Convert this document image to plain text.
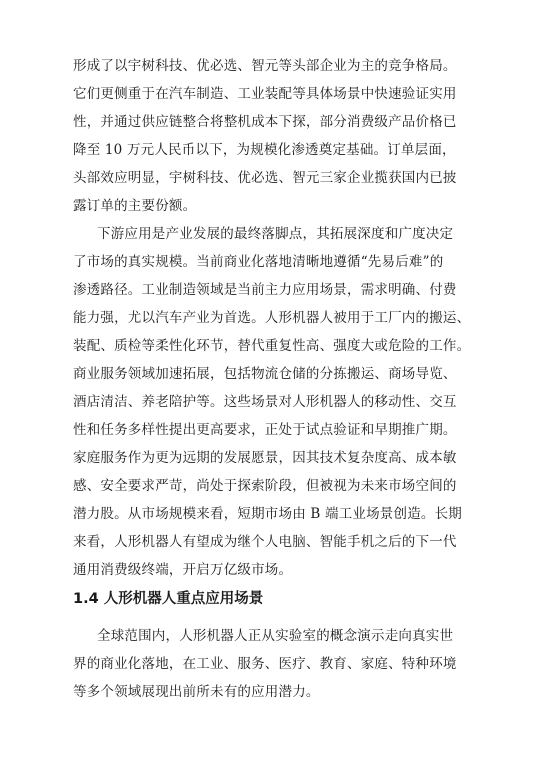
形成了以宇树科技、优必选、智元等头部企业为主的竞争格局。
它们更侧重于在汽车制造、工业装配等具体场景中快速验证实用
性，并通过供应链整合将整机成本下探，部分消费级产品价格已
降至 10 万元人民币以下，为规模化渗透奠定基础。订单层面，
头部效应明显，宇树科技、优必选、智元三家企业揽获国内已披
露订单的主要份额。
下游应用是产业发展的最终落脚点，其拓展深度和广度决定
了市场的真实规模。当前商业化落地清晰地遵循“先易后难”的
渗透路径。工业制造领域是当前主力应用场景，需求明确、付费
能力强，尤以汽车产业为首选。人形机器人被用于工厂内的搬运、
装配、质检等柔性化环节，替代重复性高、强度大或危险的工作。
商业服务领域加速拓展，包括物流仓储的分拣搬运、商场导览、
酒店清洁、养老陪护等。这些场景对人形机器人的移动性、交互
性和任务多样性提出更高要求，正处于试点验证和早期推广期。
家庭服务作为更为远期的发展愿景，因其技术复杂度高、成本敏
感、安全要求严苛，尚处于探索阶段，但被视为未来市场空间的
潜力股。从市场规模来看，短期市场由 B 端工业场景创造。长期
来看，人形机器人有望成为继个人电脑、智能手机之后的下一代
通用消费级终端，开启万亿级市场。
1.4 人形机器人重点应用场景
全球范围内，人形机器人正从实验室的概念演示走向真实世
界的商业化落地，在工业、服务、医疗、教育、家庭、特种环境
等多个领域展现出前所未有的应用潜力。
